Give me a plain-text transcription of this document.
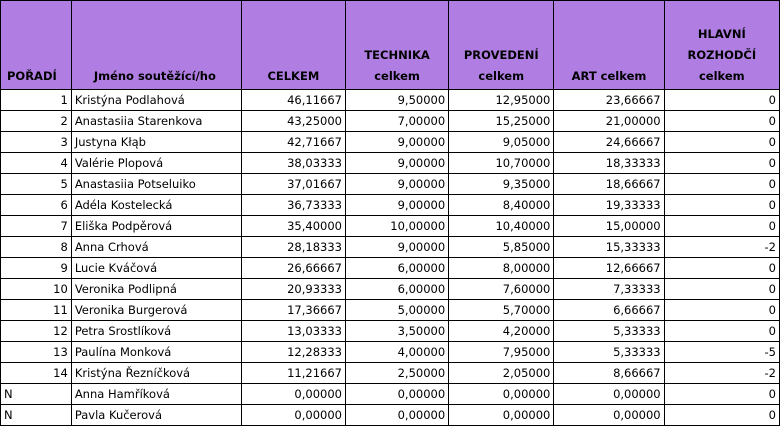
POŘADÍ	Jméno soutěžící/ho	CELKEM	TECHNIKA celkem	PROVEDENÍ celkem	ART celkem	HLAVNÍ ROZHODČÍ celkem
1	Kristýna Podlahová	46,11667	9,50000	12,95000	23,66667	0
2	Anastasiia Starenkova	43,25000	7,00000	15,25000	21,00000	0
3	Justyna Kłąb	42,71667	9,00000	9,05000	24,66667	0
4	Valérie Plopová	38,03333	9,00000	10,70000	18,33333	0
5	Anastasiia Potseluiko	37,01667	9,00000	9,35000	18,66667	0
6	Adéla Kostelecká	36,73333	9,00000	8,40000	19,33333	0
7	Eliška Podpěrová	35,40000	10,00000	10,40000	15,00000	0
8	Anna Crhová	28,18333	9,00000	5,85000	15,33333	-2
9	Lucie Kváčová	26,66667	6,00000	8,00000	12,66667	0
10	Veronika Podlipná	20,93333	6,00000	7,60000	7,33333	0
11	Veronika Burgerová	17,36667	5,00000	5,70000	6,66667	0
12	Petra Srostlíková	13,03333	3,50000	4,20000	5,33333	0
13	Paulína Monková	12,28333	4,00000	7,95000	5,33333	-5
14	Kristýna Řezníčková	11,21667	2,50000	2,05000	8,66667	-2
N	Anna Hamříková	0,00000	0,00000	0,00000	0,00000	0
N	Pavla Kučerová	0,00000	0,00000	0,00000	0,00000	0
